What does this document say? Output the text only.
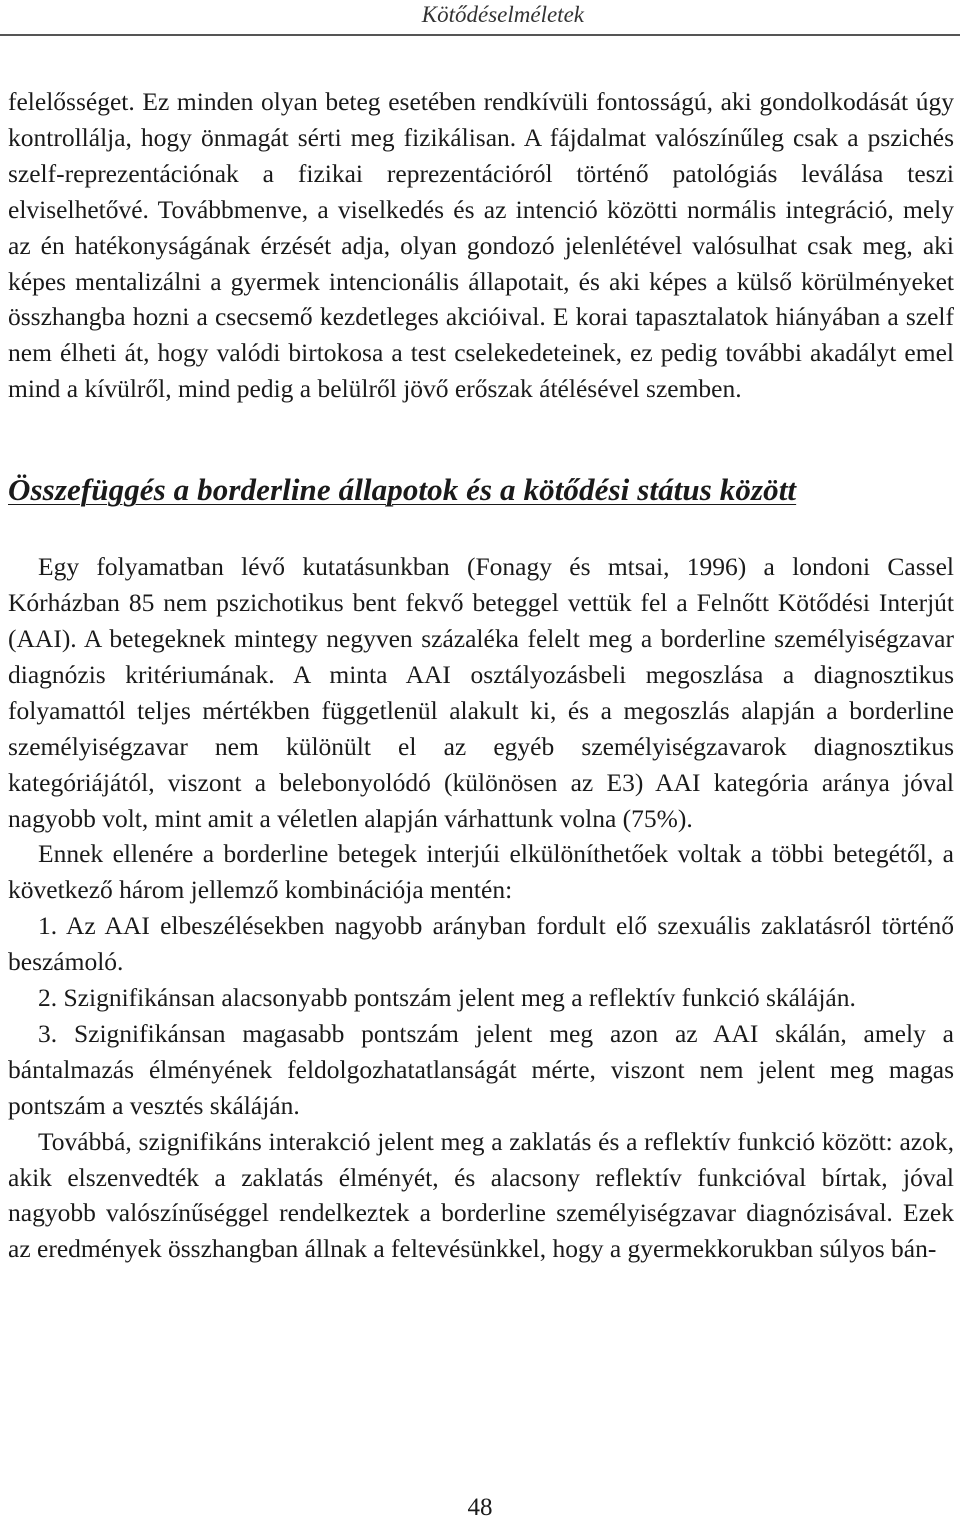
Kötődéselméletek

felelősséget. Ez minden olyan beteg esetében rendkívüli fontosságú, aki gondolkodását úgy kontrollálja, hogy önmagát sérti meg fizikálisan. A fájdalmat valószínűleg csak a pszichés szelf-reprezentációnak a fizikai reprezentációról történő patológiás leválása teszi elviselhetővé. Továbbmenve, a viselkedés és az intenció közötti normális integráció, mely az én hatékonyságának érzését adja, olyan gondozó jelenlétével valósulhat csak meg, aki képes mentalizálni a gyermek intencionális állapotait, és aki képes a külső körülményeket összhangba hozni a csecsemő kezdetleges akcióival. E korai tapasztalatok hiányában a szelf nem élheti át, hogy valódi birtokosa a test cselekedeteinek, ez pedig további akadályt emel mind a kívülről, mind pedig a belülről jövő erőszak átélésével szemben.

Összefüggés a borderline állapotok és a kötődési státus között

Egy folyamatban lévő kutatásunkban (Fonagy és mtsai, 1996) a londoni Cassel Kórházban 85 nem pszichotikus bent fekvő beteggel vettük fel a Felnőtt Kötődési Interjút (AAI). A betegeknek mintegy negyven százaléka felelt meg a borderline személyiségzavar diagnózis kritériumának. A minta AAI osztályozásbeli megoszlása a diagnosztikus folyamattól teljes mértékben függetlenül alakult ki, és a megoszlás alapján a borderline személyiségzavar nem különült el az egyéb személyiségzavarok diagnosztikus kategóriájától, viszont a belebonyolódó (különösen az E3) AAI kategória aránya jóval nagyobb volt, mint amit a véletlen alapján várhattunk volna (75%).

Ennek ellenére a borderline betegek interjúi elkülöníthetőek voltak a többi betegétől, a következő három jellemző kombinációja mentén:

1. Az AAI elbeszélésekben nagyobb arányban fordult elő szexuális zaklatásról történő beszámoló.

2. Szignifikánsan alacsonyabb pontszám jelent meg a reflektív funkció skáláján.

3. Szignifikánsan magasabb pontszám jelent meg azon az AAI skálán, amely a bántalmazás élményének feldolgozhatatlanságát mérte, viszont nem jelent meg magas pontszám a vesztés skáláján.

Továbbá, szignifikáns interakció jelent meg a zaklatás és a reflektív funkció között: azok, akik elszenvedték a zaklatás élményét, és alacsony reflektív funkcióval bírtak, jóval nagyobb valószínűséggel rendelkeztek a borderline személyiségzavar diagnózisával. Ezek az eredmények összhangban állnak a feltevésünkkel, hogy a gyermekkorukban súlyos bán-

48
